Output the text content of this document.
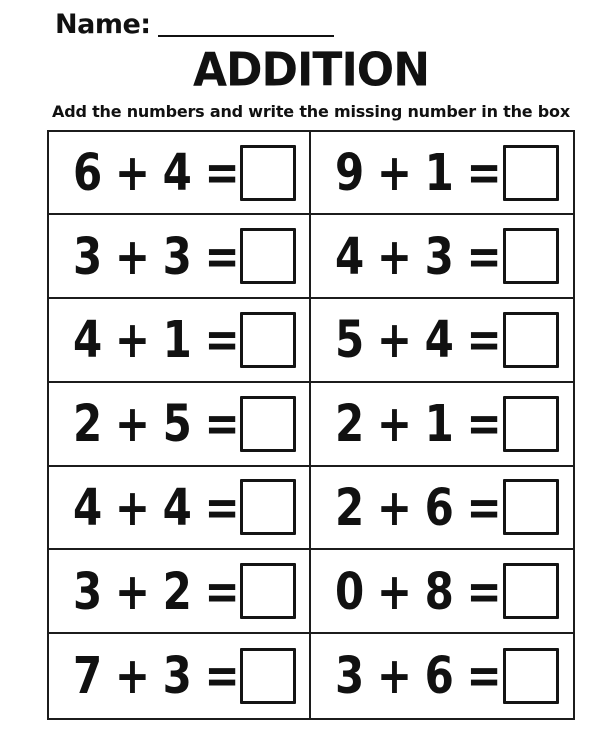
Name:
ADDITION
Add the numbers and write the missing number in the box
6 + 4 = 9 + 1 =
3 + 3 = 4 + 3 =
4 + 1 = 5 + 4 =
2 + 5 = 2 + 1 =
4 + 4 = 2 + 6 =
3 + 2 = 0 + 8 =
7 + 3 = 3 + 6 =
